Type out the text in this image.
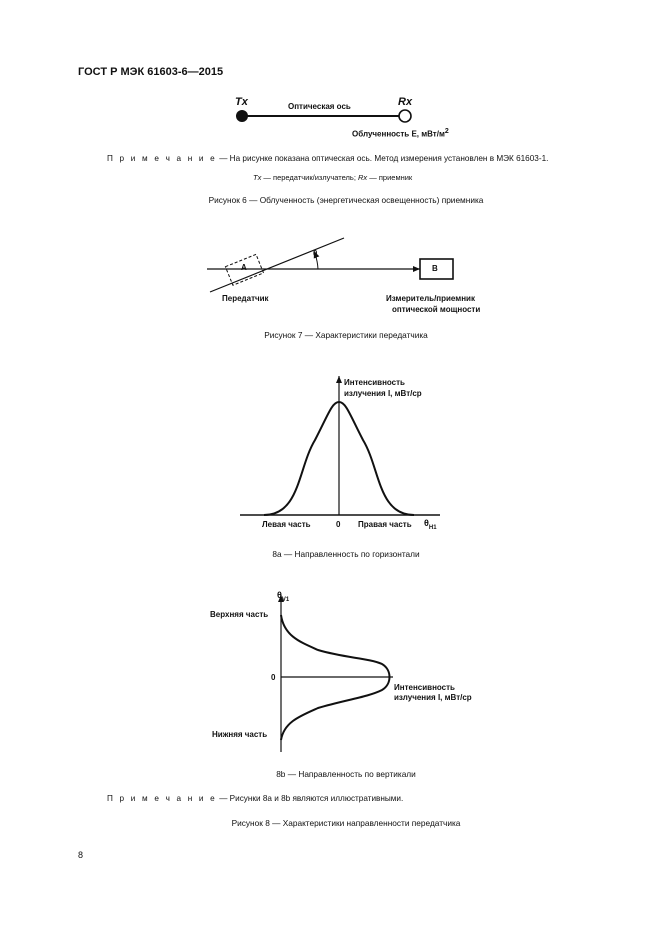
ГОСТ Р МЭК 61603-6—2015
Tx	Оптическая ось	Rx
Облученность E, мВт/$м^2$
П р и м е ч а н и е — На рисунке показана оптическая ось. Метод измерения установлен в МЭК 61603-1.
Tx — передатчик/излучатель; Rx — приемник
Рисунок 6 — Облученность (энергетическая освещенность) приемника
A	B
θ
Передатчик	Измеритель/приемник
оптической мощности
Рисунок 7 — Характеристики передатчика
Интенсивность
излучения I, мВт/ср
Левая часть	0 Правая часть $\theta_{H1}$
8a — Направленность по горизонтали
$\theta_{V1}$
Верхняя часть
0
Нижняя часть
Интенсивность
излучения I, мВт/ср
8b — Направленность по вертикали
П р и м е ч а н и е — Рисунки 8a и 8b являются иллюстративными.
Рисунок 8 — Характеристики направленности передатчика
8
